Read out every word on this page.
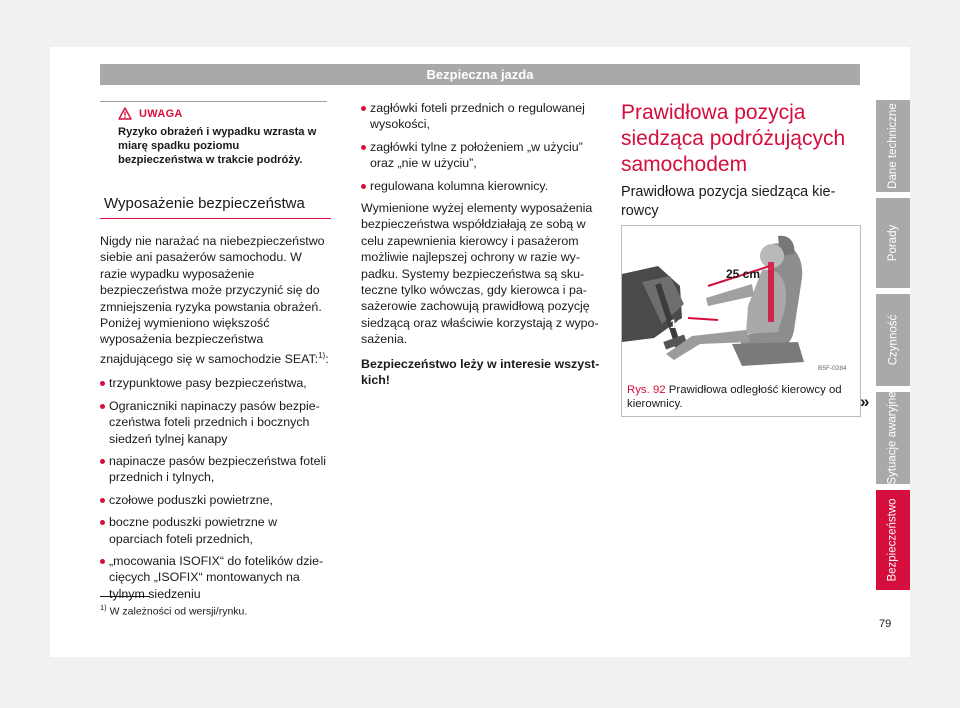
Bezpieczna jazda
UWAGA
Ryzyko obrażeń i wypadku wzrasta w miarę spadku poziomu bezpieczeństwa w trakcie podróży.
Wyposażenie bezpieczeństwa

Nigdy nie narażać na niebezpieczeństwo siebie ani pasażerów samochodu. W razie wypadku wyposażenie bezpieczeństwa może przyczynić się do zmniejszenia ryzyka powstania obrażeń. Poniżej wymieniono większość wyposażenia bezpieczeństwa znajdującego się w samochodzie SEAT:$^{1)}$:

trzypunktowe pasy bezpieczeństwa,
Ograniczniki napinaczy pasów bezpieczeństwa foteli przednich i bocznych siedzeń tylnej kanapy
napinacze pasów bezpieczeństwa foteli przednich i tylnych,
czołowe poduszki powietrzne,
boczne poduszki powietrzne w oparciach foteli przednich,
„mocowania ISOFIX“ do fotelików dziecięcych „ISOFIX“ montowanych na tylnym siedzeniu
zagłówki foteli przednich o regulowanej wysokości,
zagłówki tylne z położeniem „w użyciu” oraz „nie w użyciu”,
regulowana kolumna kierownicy.

Wymienione wyżej elementy wyposażenia bezpieczeństwa współdziałają ze sobą w celu zapewnienia kierowcy i pasażerom możliwie najlepszej ochrony w razie wypadku. Systemy bezpieczeństwa są skuteczne tylko wówczas, gdy kierowca i pasażerowie zachowują prawidłową pozycję siedzącą oraz właściwie korzystają z wyposażenia.

Bezpieczeństwo leży w interesie wszystkich!

Prawidłowa pozycja siedząca podróżujących samochodem
Prawidłowa pozycja siedząca kierowcy
25 cm
10 cm
B5F-0284
Rys. 92 Prawidłowa odległość kierowcy od kierownicy.	»
$^{1)}$ W zależności od wersji/rynku.
Dane techniczne
Porady
Czynność
Sytuacje awaryjne
Bezpieczeństwo
79
